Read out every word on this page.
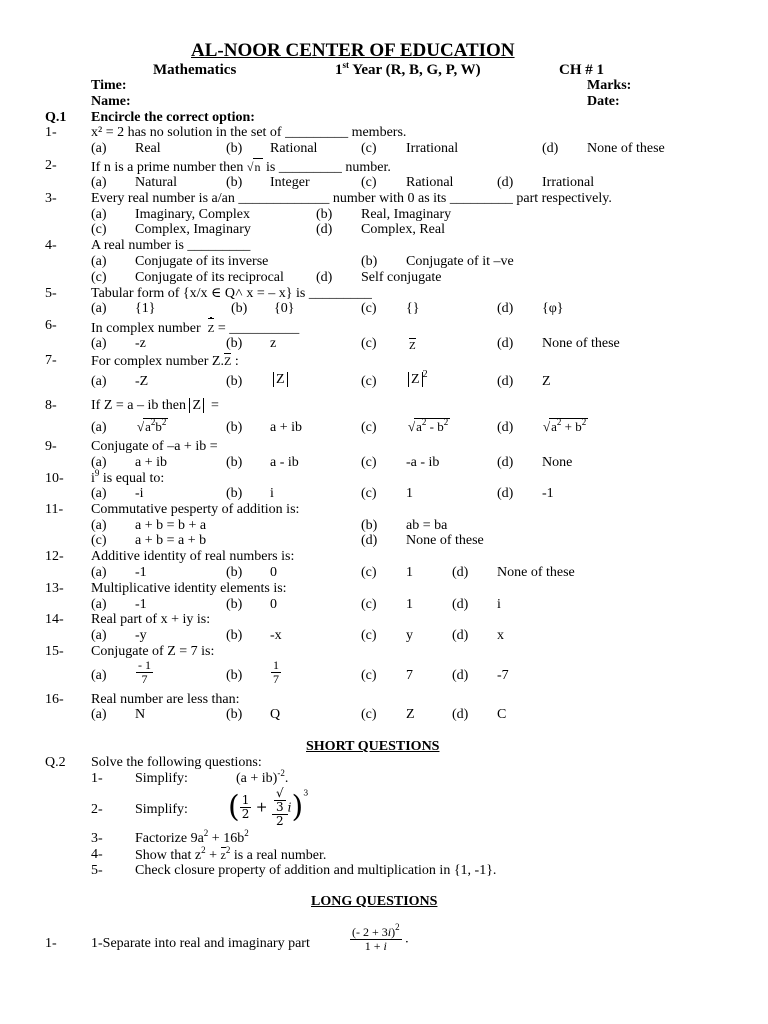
AL-NOOR CENTER OF EDUCATION
Mathematics	1st Year (R, B, G, P, W)	CH # 1
Time:	Marks:
Name:	Date:
Q.1 Encircle the correct option:
1- x² = 2 has no solution in the set of _________ members.
(a) Real	(b) Rational	(c) Irrational	(d) None of these
2- If n is a prime number then √n is _________ number.
(a) Natural	(b) Integer	(c) Rational	(d) Irrational
3- Every real number is a/an _____________ number with 0 as its _________ part respectively.
(a) Imaginary, Complex	(b) Real, Imaginary
(c) Complex, Imaginary	(d) Complex, Real
4- A real number is _________
(a) Conjugate of its inverse	(b) Conjugate of it –ve
(c) Conjugate of its reciprocal (d) Self conjugate
5- Tabular form of {x/x ∈ Q˄ x = – x} is _________
(a) {1}	(b) {0}	(c) {}	(d) {φ}
6- In complex number Z = __________
(a) -z	(b) z	(c)	Z	(d) None of these
7- For complex number Z.Z :
(a) -Z	(b) Z	(c) Z $^2$	(d) Z
8- If Z = a – ib then Z  =
(a) $√a^2b^2$	(b) a + ib	(c) $√a^2 - b^2$	(d) $√a^2 + b^2$
9- Conjugate of –a + ib =
(a) a + ib	(b) a - ib	(c) -a - ib	(d) None
10- $i^9$ is equal to:
(a) -i	(b) i	(c) 1	(d) -1
11- Commutative pesperty of addition is:
(a) a + b = b + a	(b) ab = ba
(c) a + b = a + b	(d) None of these
12- Additive identity of real numbers is:
(a) -1	(b) 0	(c) 1	(d) None of these
13- Multiplicative identity elements is:
(a) -1	(b) 0	(c) 1	(d) i
14- Real part of x + iy is:
(a) -y	(b) -x	(c) y	(d) x
15- Conjugate of Z = 7 is:
$(a) \frac{- 1}{7}$	$(b) \frac{1}{7}$	(c) 7	(d) -7
16- Real number are less than:
(a) N	(b) Q	(c) Z	(d) C
SHORT QUESTIONS
Q.2 Solve the following questions:
1- Simplify:	(a + ib)$^{-2}$.
2- Simplify: ( $\frac{1}{2}$ + √
3
2 i)$^3$
3- Factorize $9a^2 + 16b^2$
4- Show that $z^2 + z^2$ is a real number.
5- Check closure property of addition and multiplication in {1, -1}.
LONG QUESTIONS
1- 1-Separate into real and imaginary part	$\frac{(- 2 + 3i)^2}{1 + i}$ .
